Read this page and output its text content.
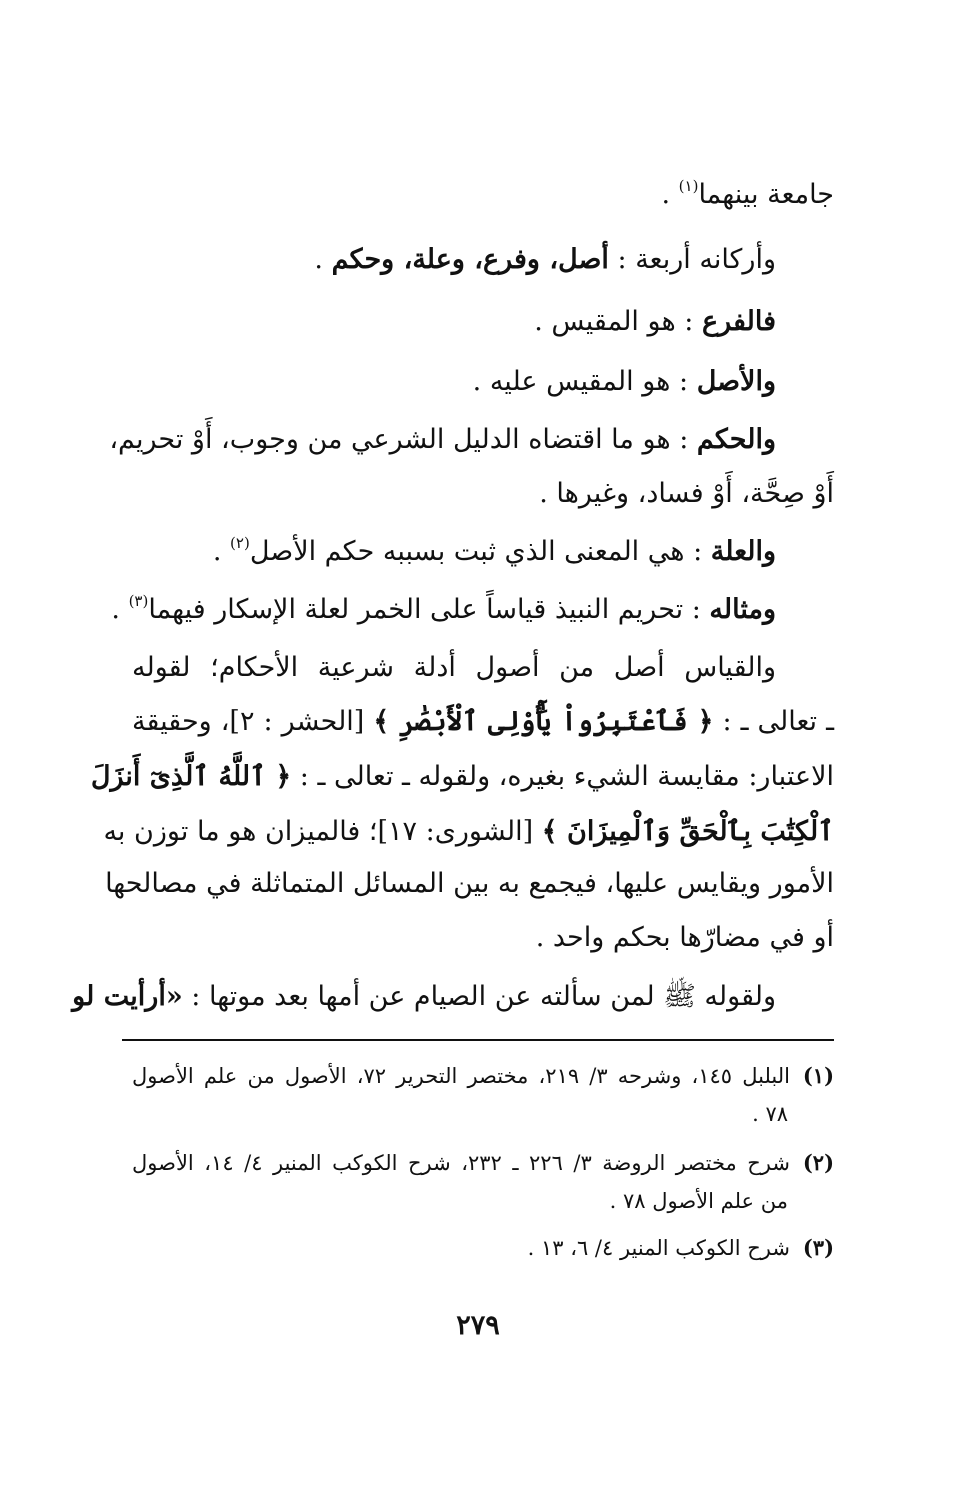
جامعة بينهما$^{(١)}$ .
وأركانه أربعة : أصل، وفرع، وعلة، وحكم .
فالفرع : هو المقيس .
والأصل : هو المقيس عليه .
والحكم : هو ما اقتضاه الدليل الشرعي من وجوب، أَوْ تحريم،
أَوْ صِحَّة، أَوْ فساد، وغيرها .
والعلة : هي المعنى الذي ثبت بسببه حكم الأصل$^{(٢)}$ .
ومثاله : تحريم النبيذ قياساً على الخمر لعلة الإسكار فيهما$^{(٣)}$ .
والقياس أصل من أصول أدلة شرعية الأحكام؛ لقوله
ـ تعالى ـ : ﴿ فَٱعْتَبِرُواْ يَٰٓأُوْلِى ٱلْأَبْصَٰرِ ﴾ [الحشر : ٢]، وحقيقة
الاعتبار: مقايسة الشيء بغيره، ولقوله ـ تعالى ـ : ﴿ ٱللَّهُ ٱلَّذِىٓ أَنزَلَ
ٱلْكِتَٰبَ بِٱلْحَقِّ وَٱلْمِيزَانَ ﴾ [الشورى: ١٧]؛ فالميزان هو ما توزن به
الأمور ويقايس عليها، فيجمع به بين المسائل المتماثلة في مصالحها
أو في مضارّها بحكم واحد .
ولقوله ﷺ لمن سألته عن الصيام عن أمها بعد موتها : «أرأيت لو
(١)البلبل ١٤٥، وشرحه ٣/ ٢١٩، مختصر التحرير ٧٢، الأصول من علم الأصول
٧٨ .
(٢)شرح مختصر الروضة ٣/ ٢٢٦ ـ ٢٣٢، شرح الكوكب المنير ٤/ ١٤، الأصول
من علم الأصول ٧٨ .
(٣)شرح الكوكب المنير ٤/ ٦، ١٣ .
٢٧٩
